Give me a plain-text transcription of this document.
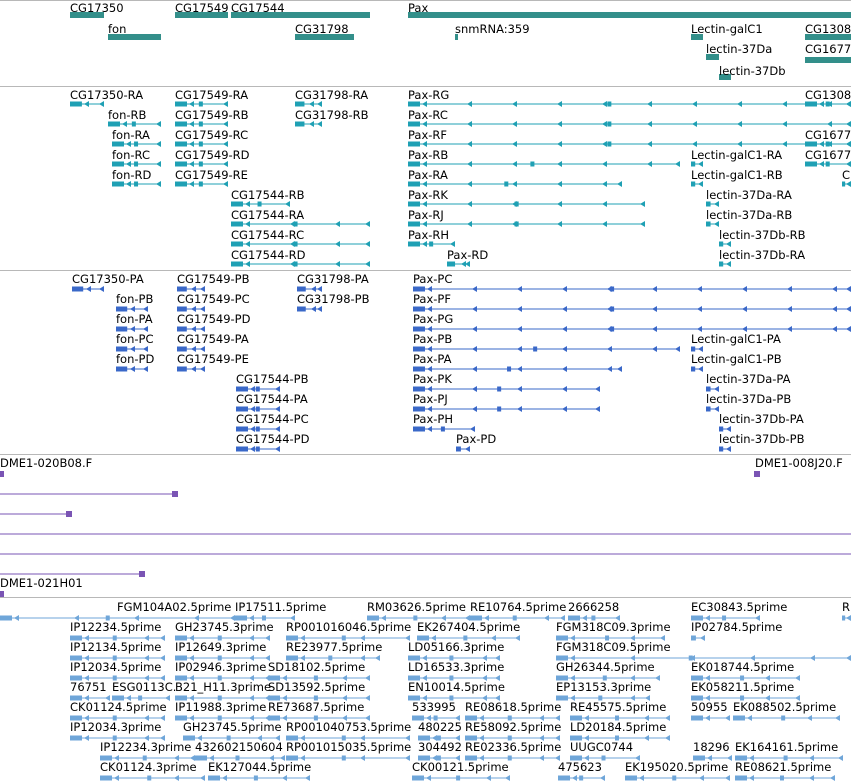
CG17350
fon
CG17549 CG17544
CG31798
Pax
snmRNA:359	Lectin-galC1
lectin-37Da
lectin-37Db
CG1308
CG1677
CG17350-RA
fon-RB
fon-RA
fon-RC
fon-RD
CG17549-RA
CG17549-RB
CG17549-RC
CG17549-RD
CG17549-RE
CG17544-RB
CG17544-RA
CG17544-RC
CG17544-RD
CG31798-RA
CG31798-RB
Pax-RG
Pax-RC
Pax-RF
Pax-RB
Pax-RA
Pax-RK
Pax-RJ
Pax-RH
Pax-RD
Lectin-galC1-RA
Lectin-galC1-RB
lectin-37Da-RA
lectin-37Da-RB
lectin-37Db-RB
lectin-37Db-RA
CG1308
CG1677
CG1677
C
CG17350-PA
fon-PB
fon-PA
fon-PC
fon-PD
CG17549-PB
CG17549-PC
CG17549-PD
CG17549-PA
CG17549-PE
CG17544-PB
CG17544-PA
CG17544-PC
CG17544-PD
CG31798-PA
CG31798-PB
Pax-PC
Pax-PF
Pax-PG
Pax-PB
Pax-PA
Pax-PK
Pax-PJ
Pax-PH
Pax-PD
Lectin-galC1-PA
Lectin-galC1-PB
lectin-37Da-PA
lectin-37Da-PB
lectin-37Db-PA
lectin-37Db-PB
DME1-020B08.F	DME1-008J20.F
DME1-021H01
FGM104A02.5prime IP17511.5prime	RM03626.5prime RE10764.5prime 2666258	EC30843.5prime	R
IP12234.5prime GH23745.3prime RP001016046.5prime EK267404.5prime	FGM318C09.3prime IP02784.5prime
IP12134.5prime IP12649.3prime RE23977.5prime LD05166.3prime	FGM318C09.5prime
IP12034.5prime IP02946.3prime SD18102.5prime	LD16533.3prime	GH26344.5prime	EK018744.5prime
76751 ESG0113C.
B21_H11.3prime
SD13592.5prime	EN10014.5prime	EP13153.3prime	EK058211.5prime
CK01124.5prime IP11988.3prime RE73687.5prime	533995 RE08618.5prime RE45575.5prime 50955 EK088502.5prime
IP12034.3prime GH23745.5prime RP001040753.5prime 480225 RE58092.5prime LD20184.5prime
IP12234.3prime 432602150604 RP001015035.5prime 304492 RE02336.5prime UUGC0744	18296 EK164161.5prime
CK01124.3prime EK127044.5prime	CK00121.5prime	475623 EK195020.5prime RE08621.5prime
